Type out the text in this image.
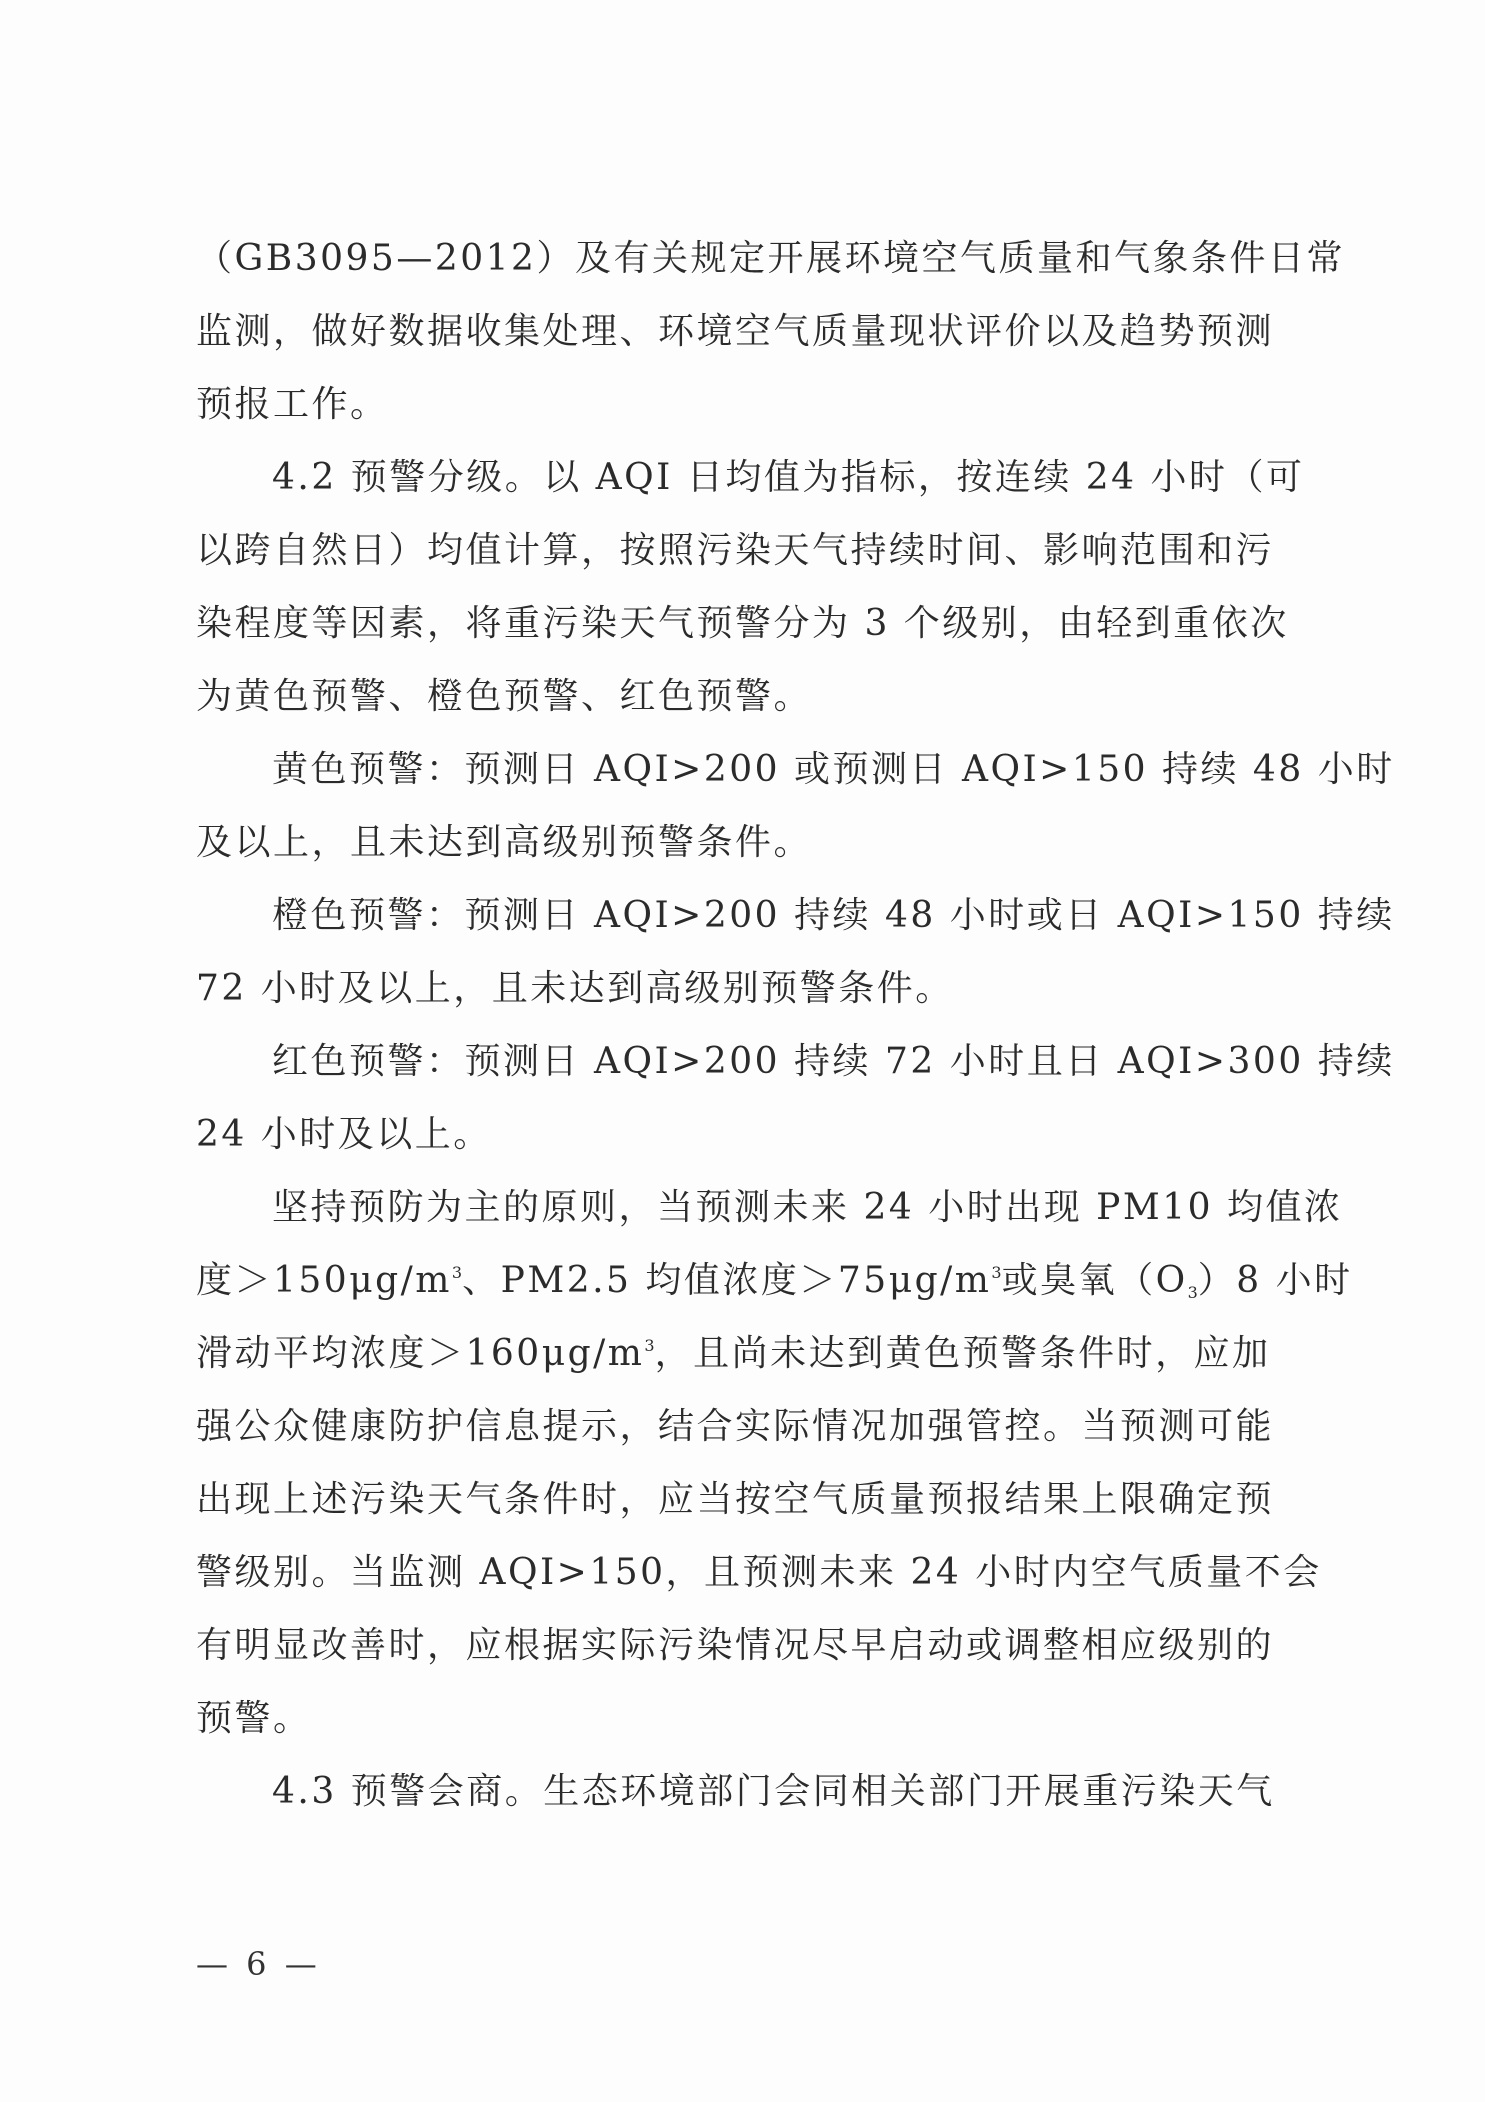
（GB3095—2012）及有关规定开展环境空气质量和气象条件日常
监测，做好数据收集处理、环境空气质量现状评价以及趋势预测
预报工作。

4.2 预警分级。以 AQI 日均值为指标，按连续 24 小时（可
以跨自然日）均值计算，按照污染天气持续时间、影响范围和污
染程度等因素，将重污染天气预警分为 3 个级别，由轻到重依次
为黄色预警、橙色预警、红色预警。

黄色预警：预测日 AQI>200 或预测日 AQI>150 持续 48 小时
及以上，且未达到高级别预警条件。

橙色预警：预测日 AQI>200 持续 48 小时或日 AQI>150 持续
72 小时及以上，且未达到高级别预警条件。

红色预警：预测日 AQI>200 持续 72 小时且日 AQI>300 持续
24 小时及以上。

坚持预防为主的原则，当预测未来 24 小时出现 PM10 均值浓
度$>150\mu g/m^3$、PM2.5 均值浓度$>75\mu g/m^3$或臭氧$(O_3)8$ 小时
滑动平均浓度$>160\mu g/m^3$，且尚未达到黄色预警条件时，应加
强公众健康防护信息提示，结合实际情况加强管控。当预测可能
出现上述污染天气条件时，应当按空气质量预报结果上限确定预
警级别。当监测 AQI>150，且预测未来 24 小时内空气质量不会
有明显改善时，应根据实际污染情况尽早启动或调整相应级别的
预警。

4.3 预警会商。生态环境部门会同相关部门开展重污染天气

— 6 —
